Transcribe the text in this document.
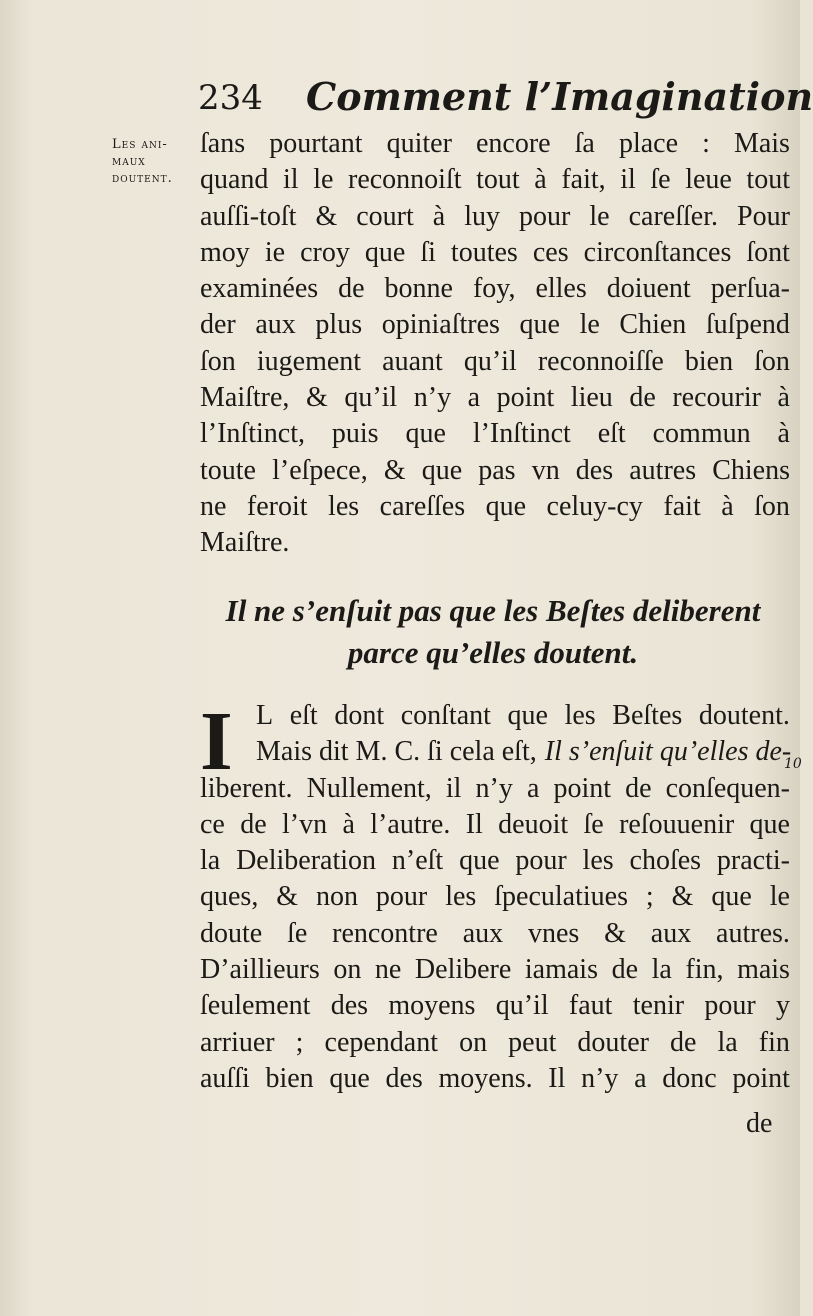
234 Comment l’Imagination
Les ani-
maux
doutent.
ſans pourtant quiter encore ſa place : Mais
quand il le reconnoiſt tout à fait, il ſe leue tout
auſſi-toſt & court à luy pour le careſſer. Pour
moy ie croy que ſi toutes ces circonſtances ſont
examinées de bonne foy, elles doiuent perſua-
der aux plus opiniaſtres que le Chien ſuſpend
ſon iugement auant qu’il reconnoiſſe bien ſon
Maiſtre, & qu’il n’y a point lieu de recourir à
l’Inſtinct, puis que l’Inſtinct eſt commun à
toute l’eſpece, & que pas vn des autres Chiens
ne feroit les careſſes que celuy-cy fait à ſon
Maiſtre.
Il ne s’enſuit pas que les Beſtes deliberent
parce qu’elles doutent.
I L eſt dont conſtant que les Beſtes doutent.
Mais dit M. C. ſi cela eſt, Il s’enſuit qu’elles de-
liberent. Nullement, il n’y a point de conſequen-
ce de l’vn à l’autre. Il deuoit ſe reſouuenir que
la Deliberation n’eſt que pour les choſes practi-
ques, & non pour les ſpeculatiues ; & que le
doute ſe rencontre aux vnes & aux autres.
D’aillieurs on ne Delibere iamais de la fin, mais
ſeulement des moyens qu’il faut tenir pour y
arriuer ; cependant on peut douter de la fin
auſſi bien que des moyens. Il n’y a donc point
10
de
